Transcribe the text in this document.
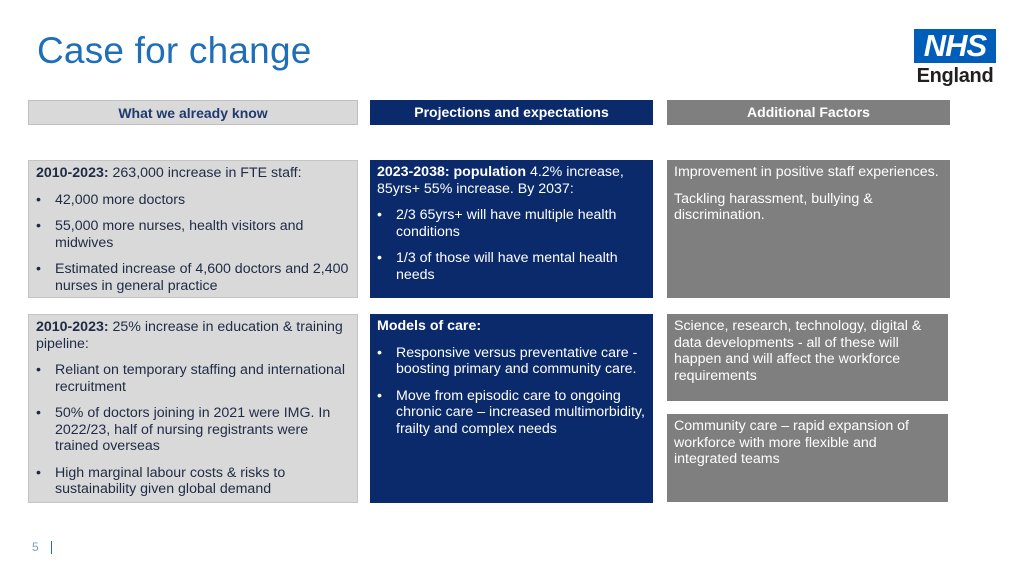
Case for change	NHS
England
What we already know	Projections and expectations	Additional Factors
2010-2023: 263,000 increase in FTE staff:
• 42,000 more doctors
• 55,000 more nurses, health visitors and midwives
• Estimated increase of 4,600 doctors and 2,400 nurses in general practice
2010-2023: 25% increase in education & training pipeline:
• Reliant on temporary staffing and international recruitment
• 50% of doctors joining in 2021 were IMG. In 2022/23, half of nursing registrants were trained overseas
• High marginal labour costs & risks to sustainability given global demand
2023-2038: population 4.2% increase, 85yrs+ 55% increase. By 2037:
• 2/3 65yrs+ will have multiple health conditions
• 1/3 of those will have mental health needs
Models of care:
• Responsive versus preventative care - boosting primary and community care.
• Move from episodic care to ongoing chronic care – increased multimorbidity, frailty and complex needs
Improvement in positive staff experiences.
Tackling harassment, bullying & discrimination.
Science, research, technology, digital & data developments - all of these will happen and will affect the workforce requirements
Community care – rapid expansion of workforce with more flexible and integrated teams
5
